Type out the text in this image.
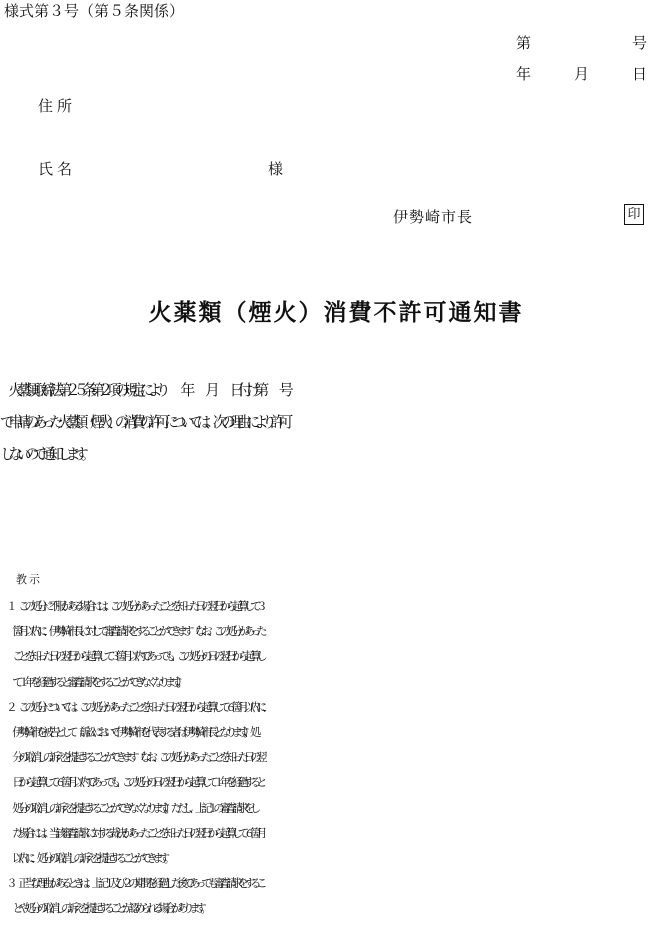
様式第３号（第５条関係）
第	号
年	月	日
住所
氏名	様
伊勢崎市長	印
火薬類（煙火）消費不許可通知書
　火薬類取締法第２５条第２項の規定により　　年　　月　　日付け第　　号
で申請のあった火薬類（煙火）の消費の許可については、次の理由により許可
しないので通知します。
教示
　１　この処分に不服がある場合には、この処分があったことを知った日の翌日から起算して３
　　箇月以内に、伊勢崎市長に対して審査請求をすることができます（なお、この処分があった
　　ことを知った日の翌日から起算して３箇月以内であっても、この処分の日の翌日から起算し
　　て１年を経過すると審査請求をすることができなくなります。）。
　２　この処分については、この処分があったことを知った日の翌日から起算して６箇月以内に、
　　伊勢崎市を被告として（訴訟において伊勢崎市を代表する者は伊勢崎市長となります。）、処
　　分の取消しの訴えを提起することができます（なお、この処分があったことを知った日の翌
　　日から起算して６箇月以内であっても、この処分の日の翌日から起算して１年を経過すると
　　処分の取消しの訴えを提起することができなくなります。）。ただし、上記１の審査請求をし
　　た場合には、当該審査請求に対する裁決があったことを知った日の翌日から起算して６箇月
　　以内に、処分の取消しの訴えを提起することができます。
　３　正当な理由があるときは、上記１及び２の期間を経過した後であっても審査請求をするこ
　　とや処分の取消しの訴えを提起することが認められる場合があります。
